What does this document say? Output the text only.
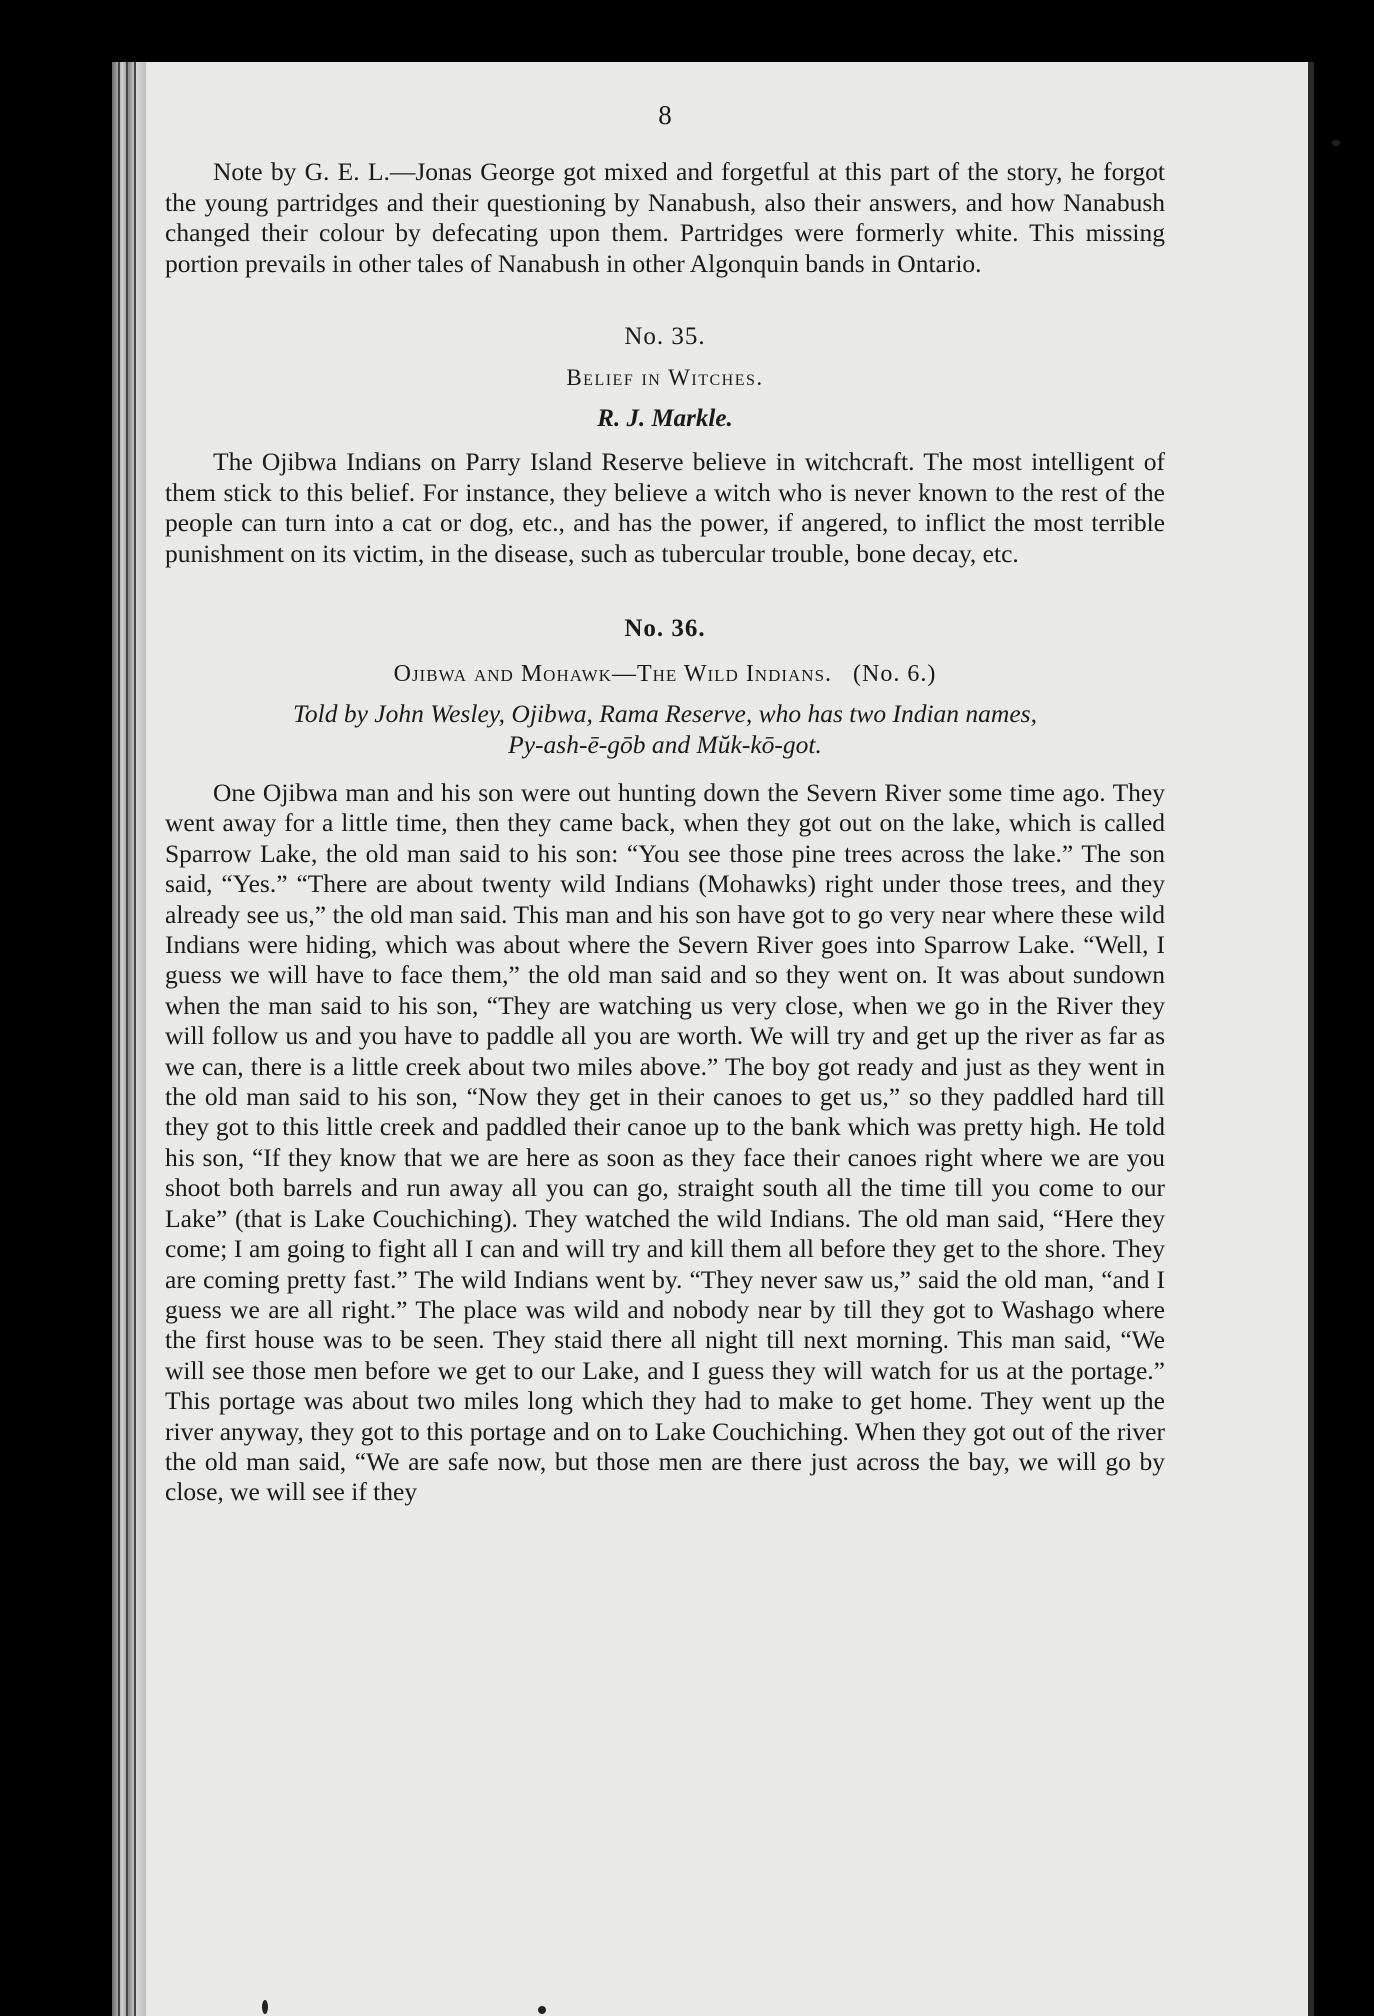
8

Note by G. E. L.—Jonas George got mixed and forgetful at this part of the story, he forgot the young partridges and their questioning by Nanabush, also their answers, and how Nanabush changed their colour by defecating upon them. Partridges were formerly white. This missing portion prevails in other tales of Nanabush in other Algonquin bands in Ontario.

No. 35.
Belief in Witches.
R. J. Markle.

The Ojibwa Indians on Parry Island Reserve believe in witchcraft. The most intelligent of them stick to this belief. For instance, they believe a witch who is never known to the rest of the people can turn into a cat or dog, etc., and has the power, if angered, to inflict the most terrible punishment on its victim, in the disease, such as tubercular trouble, bone decay, etc.

No. 36.
Ojibwa and Mohawk—The Wild Indians. (No. 6.)
Told by John Wesley, Ojibwa, Rama Reserve, who has two Indian names,
Py-ash-ē-gōb and Mŭk-kō-got.

One Ojibwa man and his son were out hunting down the Severn River some time ago. They went away for a little time, then they came back, when they got out on the lake, which is called Sparrow Lake, the old man said to his son: “You see those pine trees across the lake.” The son said, “Yes.” “There are about twenty wild Indians (Mohawks) right under those trees, and they already see us,” the old man said. This man and his son have got to go very near where these wild Indians were hiding, which was about where the Severn River goes into Sparrow Lake. “Well, I guess we will have to face them,” the old man said and so they went on. It was about sundown when the man said to his son, “They are watching us very close, when we go in the River they will follow us and you have to paddle all you are worth. We will try and get up the river as far as we can, there is a little creek about two miles above.” The boy got ready and just as they went in the old man said to his son, “Now they get in their canoes to get us,” so they paddled hard till they got to this little creek and paddled their canoe up to the bank which was pretty high. He told his son, “If they know that we are here as soon as they face their canoes right where we are you shoot both barrels and run away all you can go, straight south all the time till you come to our Lake” (that is Lake Couchiching). They watched the wild Indians. The old man said, “Here they come; I am going to fight all I can and will try and kill them all before they get to the shore. They are coming pretty fast.” The wild Indians went by. “They never saw us,” said the old man, “and I guess we are all right.” The place was wild and nobody near by till they got to Washago where the first house was to be seen. They staid there all night till next morning. This man said, “We will see those men before we get to our Lake, and I guess they will watch for us at the portage.” This portage was about two miles long which they had to make to get home. They went up the river anyway, they got to this portage and on to Lake Couchiching. When they got out of the river the old man said, “We are safe now, but those men are there just across the bay, we will go by close, we will see if they
